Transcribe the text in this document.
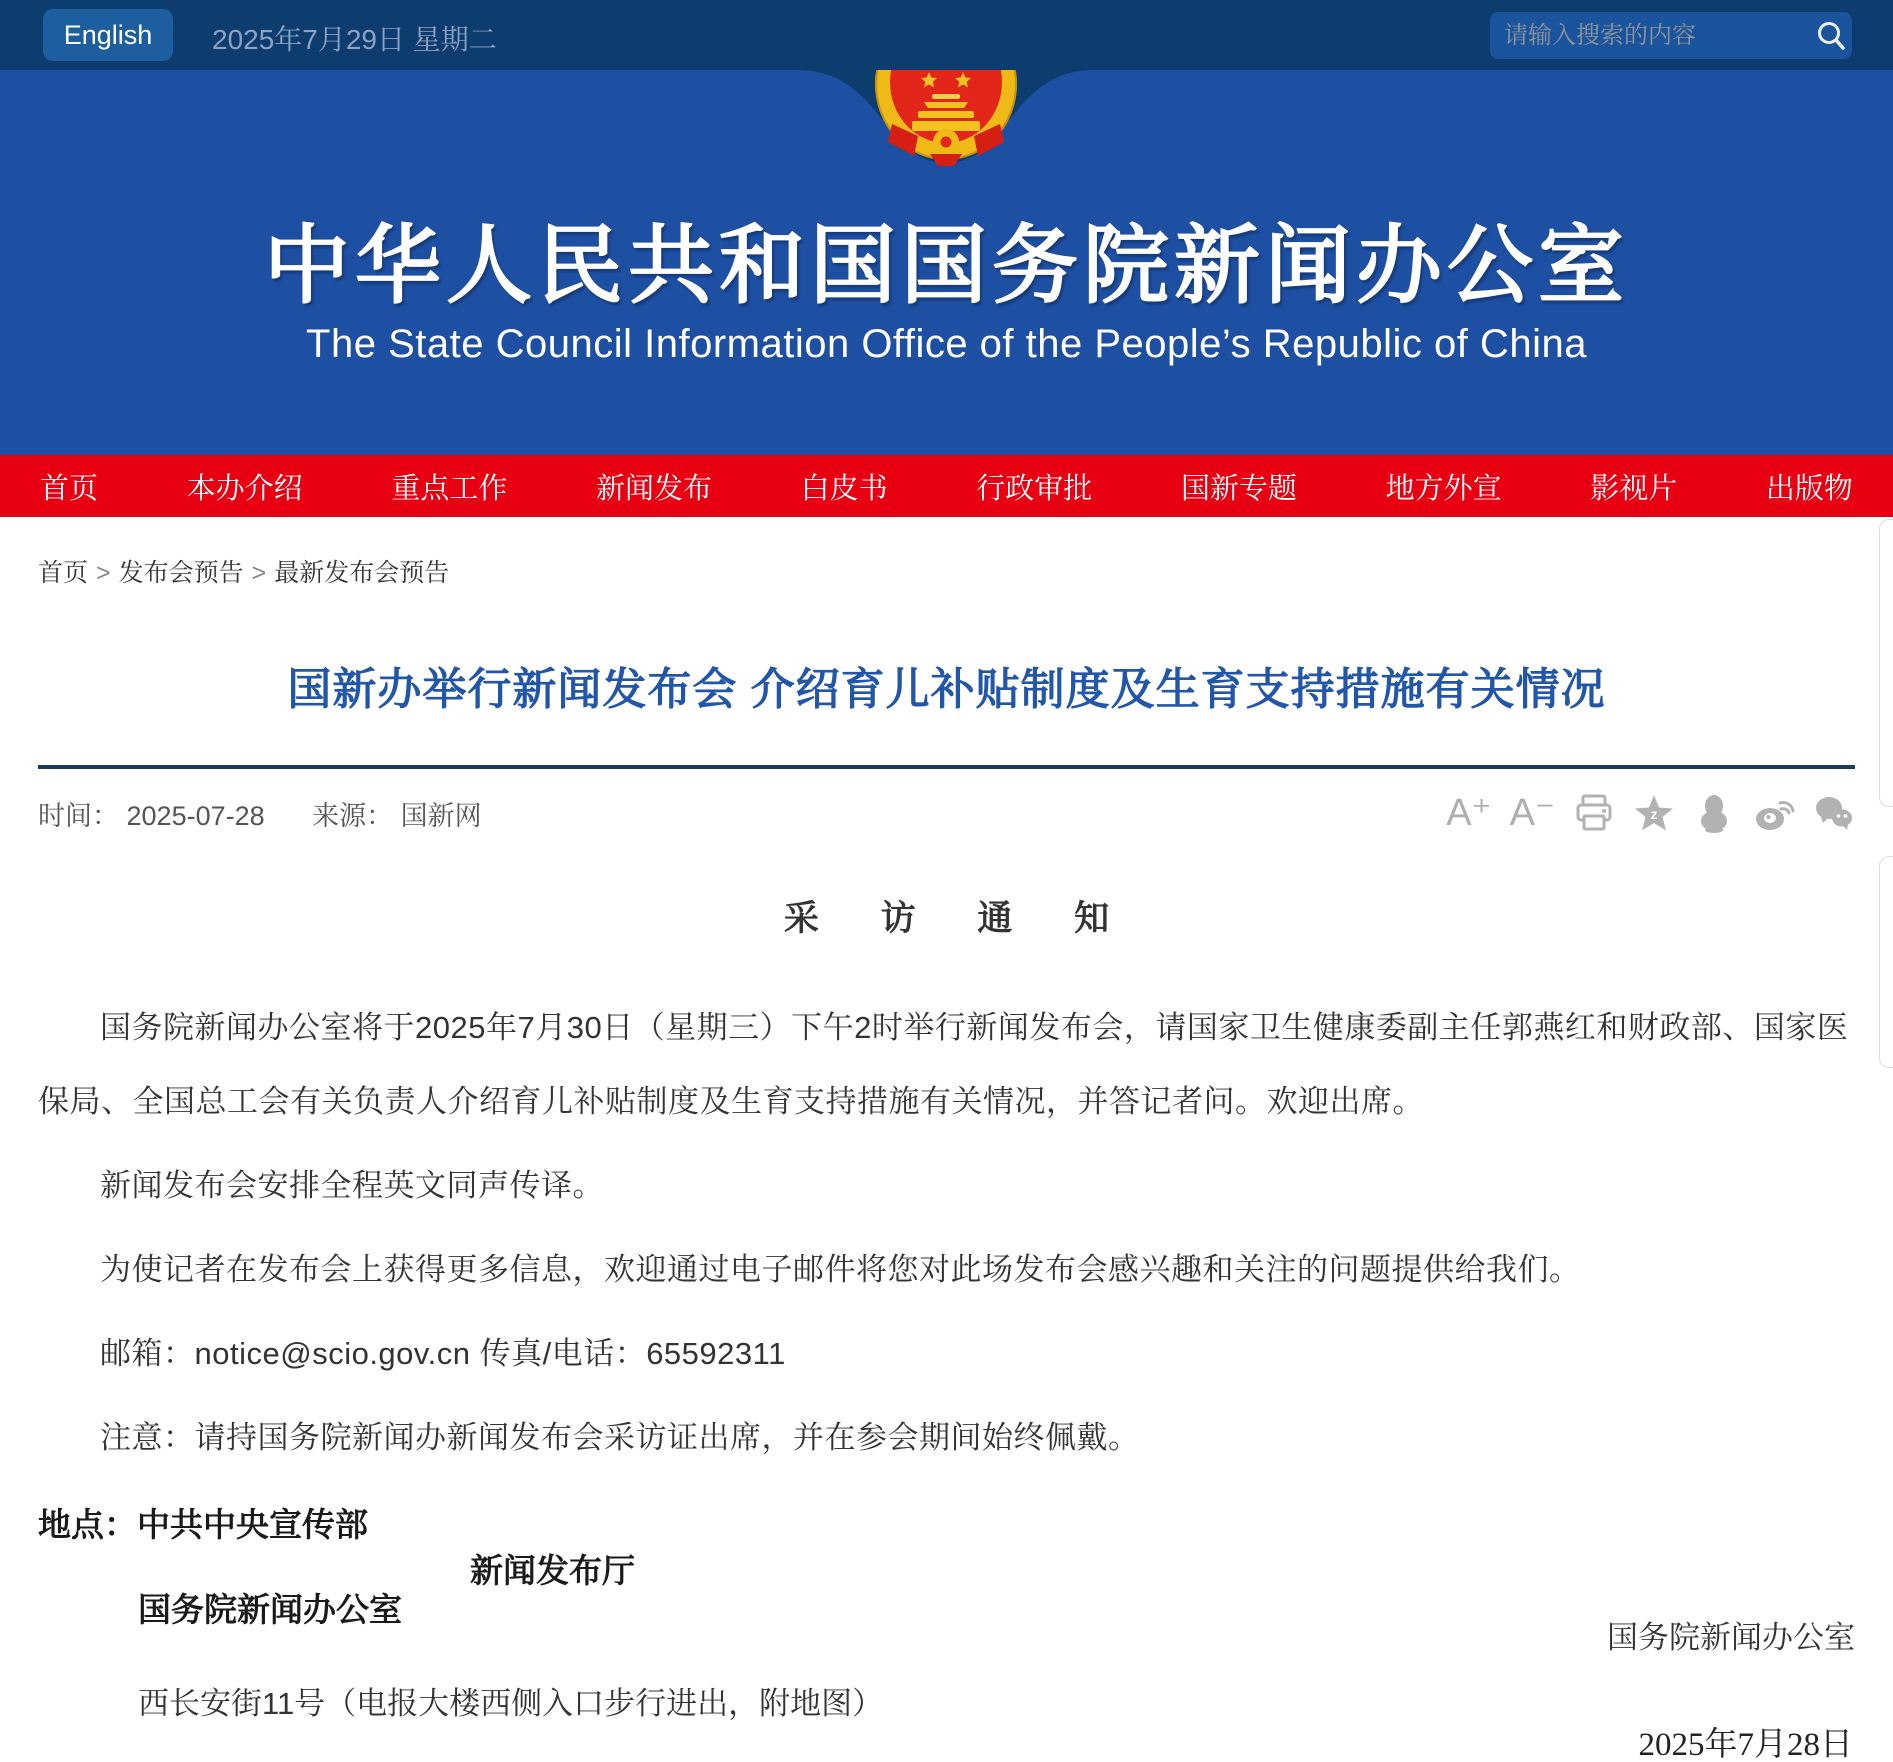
English	2025年7月29日 星期二
请输入搜索的内容
中华人民共和国国务院新闻办公室
The State Council Information Office of the People’s Republic of China
首页	本办介绍	重点工作	新闻发布	白皮书	行政审批	国新专题	地方外宣	影视片	出版物
首页 > 发布会预告 > 最新发布会预告
国新办举行新闻发布会 介绍育儿补贴制度及生育支持措施有关情况
时间： 2025-07-28 来源： 国新网	A⁺ A⁻	z
采 访 通 知

国务院新闻办公室将于2025年7月30日（星期三）下午2时举行新闻发布会，请国家卫生健康委副主任郭燕红和财政部、国家医保局、全国总工会有关负责人介绍育儿补贴制度及生育支持措施有关情况，并答记者问。欢迎出席。

新闻发布会安排全程英文同声传译。

为使记者在发布会上获得更多信息，欢迎通过电子邮件将您对此场发布会感兴趣和关注的问题提供给我们。

邮箱：notice@scio.gov.cn 传真/电话：65592311

注意：请持国务院新闻办新闻发布会采访证出席，并在参会期间始终佩戴。

地点：中共中央宣传部
国务院新闻办公室
新闻发布厅
西长安街11号（电报大楼西侧入口步行进出，附地图）
国务院新闻办公室
2025年7月28日
